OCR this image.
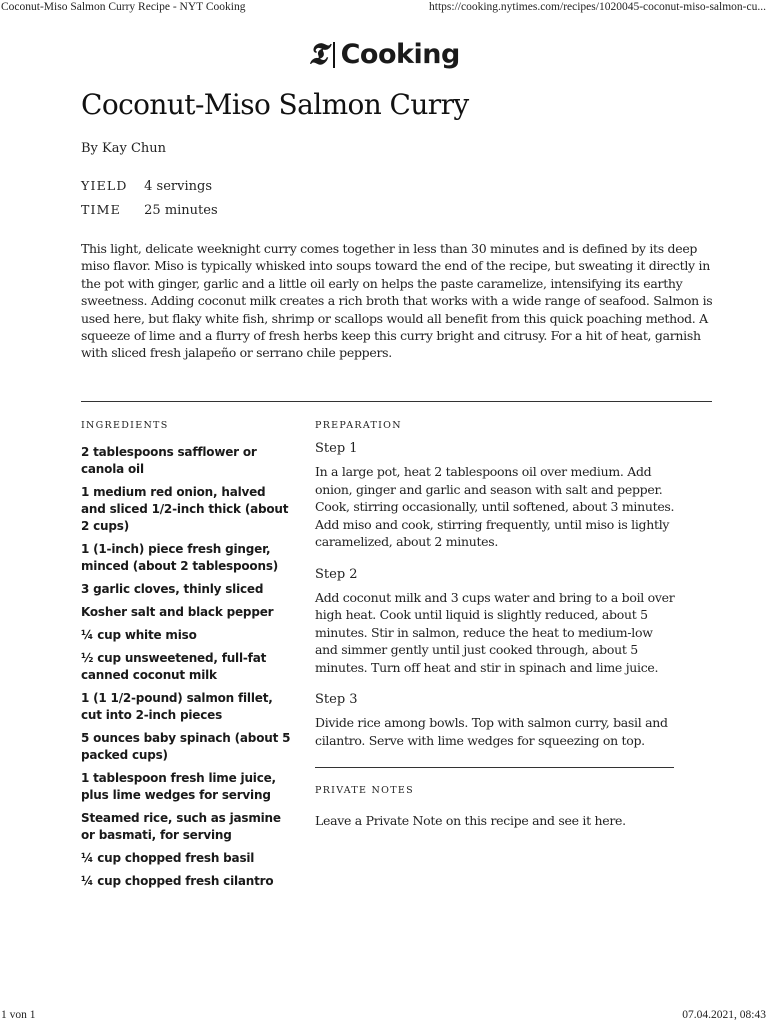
Coconut-Miso Salmon Curry Recipe - NYT Cooking	https://cooking.nytimes.com/recipes/1020045-coconut-miso-salmon-cu...
𝕿 Cooking
Coconut-Miso Salmon Curry
By Kay Chun
YIELD 4 servings
TIME 25 minutes
This light, delicate weeknight curry comes together in less than 30 minutes and is defined by its deep miso flavor. Miso is typically whisked into soups toward the end of the recipe, but sweating it directly in the pot with ginger, garlic and a little oil early on helps the paste caramelize, intensifying its earthy sweetness. Adding coconut milk creates a rich broth that works with a wide range of seafood. Salmon is used here, but flaky white fish, shrimp or scallops would all benefit from this quick poaching method. A squeeze of lime and a flurry of fresh herbs keep this curry bright and citrusy. For a hit of heat, garnish with sliced fresh jalapeño or serrano chile peppers.
INGREDIENTS	PREPARATION
2 tablespoons safflower or canola oil
1 medium red onion, halved and sliced 1/2-inch thick (about 2 cups)
1 (1-inch) piece fresh ginger, minced (about 2 tablespoons)
3 garlic cloves, thinly sliced
Kosher salt and black pepper
¼ cup white miso
½ cup unsweetened, full-fat canned coconut milk
1 (1 1/2-pound) salmon fillet, cut into 2-inch pieces
5 ounces baby spinach (about 5 packed cups)
1 tablespoon fresh lime juice, plus lime wedges for serving
Steamed rice, such as jasmine or basmati, for serving
¼ cup chopped fresh basil
¼ cup chopped fresh cilantro
Step 1
In a large pot, heat 2 tablespoons oil over medium. Add onion, ginger and garlic and season with salt and pepper. Cook, stirring occasionally, until softened, about 3 minutes. Add miso and cook, stirring frequently, until miso is lightly caramelized, about 2 minutes.
Step 2
Add coconut milk and 3 cups water and bring to a boil over high heat. Cook until liquid is slightly reduced, about 5 minutes. Stir in salmon, reduce the heat to medium-low and simmer gently until just cooked through, about 5 minutes. Turn off heat and stir in spinach and lime juice.
Step 3
Divide rice among bowls. Top with salmon curry, basil and cilantro. Serve with lime wedges for squeezing on top.
PRIVATE NOTES
Leave a Private Note on this recipe and see it here.
1 von 1	07.04.2021, 08:43
